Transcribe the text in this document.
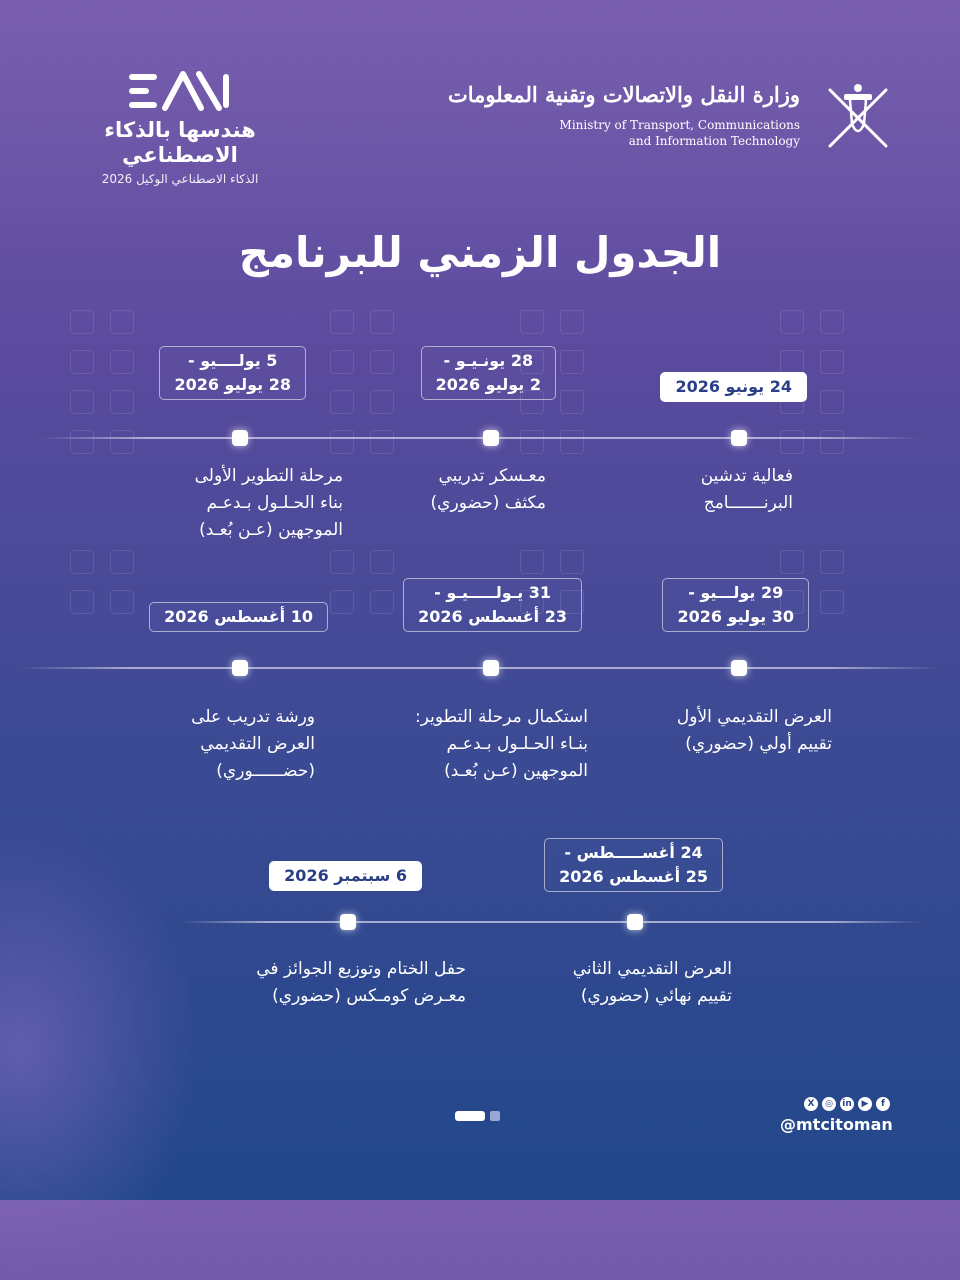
هندسها بالذكاء الاصطناعي
الذكاء الاصطناعي الوكيل 2026
وزارة النقل والاتصالات وتقنية المعلومات
Ministry of Transport, Communications
and Information Technology
الجدول الزمني للبرنامج
24 يونيو 2026
فعالية تدشين
البرنـــــــامج
28 يونـيـو -
2 يوليو 2026
معـسكر تدريبي
مكثف (حضوري)
5 يولــــيو -
28 يوليو 2026
مرحلة التطوير الأولى
بناء الحـلـول بـدعـم
الموجهين (عـن بُعـد)
29 يولـــيو -
30 يوليو 2026
العرض التقديمي الأول
تقييم أولي (حضوري)
31 يـولـــــيـو -
23 أغسطس 2026
استكمال مرحلة التطوير:
بنـاء الحـلـول بـدعـم
الموجهين (عـن بُعـد)
10 أغسطس 2026
ورشة تدريب على
العرض التقديمي
(حضــــــوري)
24 أغســـــطس -
25 أغسطس 2026
العرض التقديمي الثاني
تقييم نهائي (حضوري)
6 سبتمبر 2026
حفل الختام وتوزيع الجوائز في
معـرض كومـكس (حضوري)
X ◎ in ▶ f
@mtcitoman
